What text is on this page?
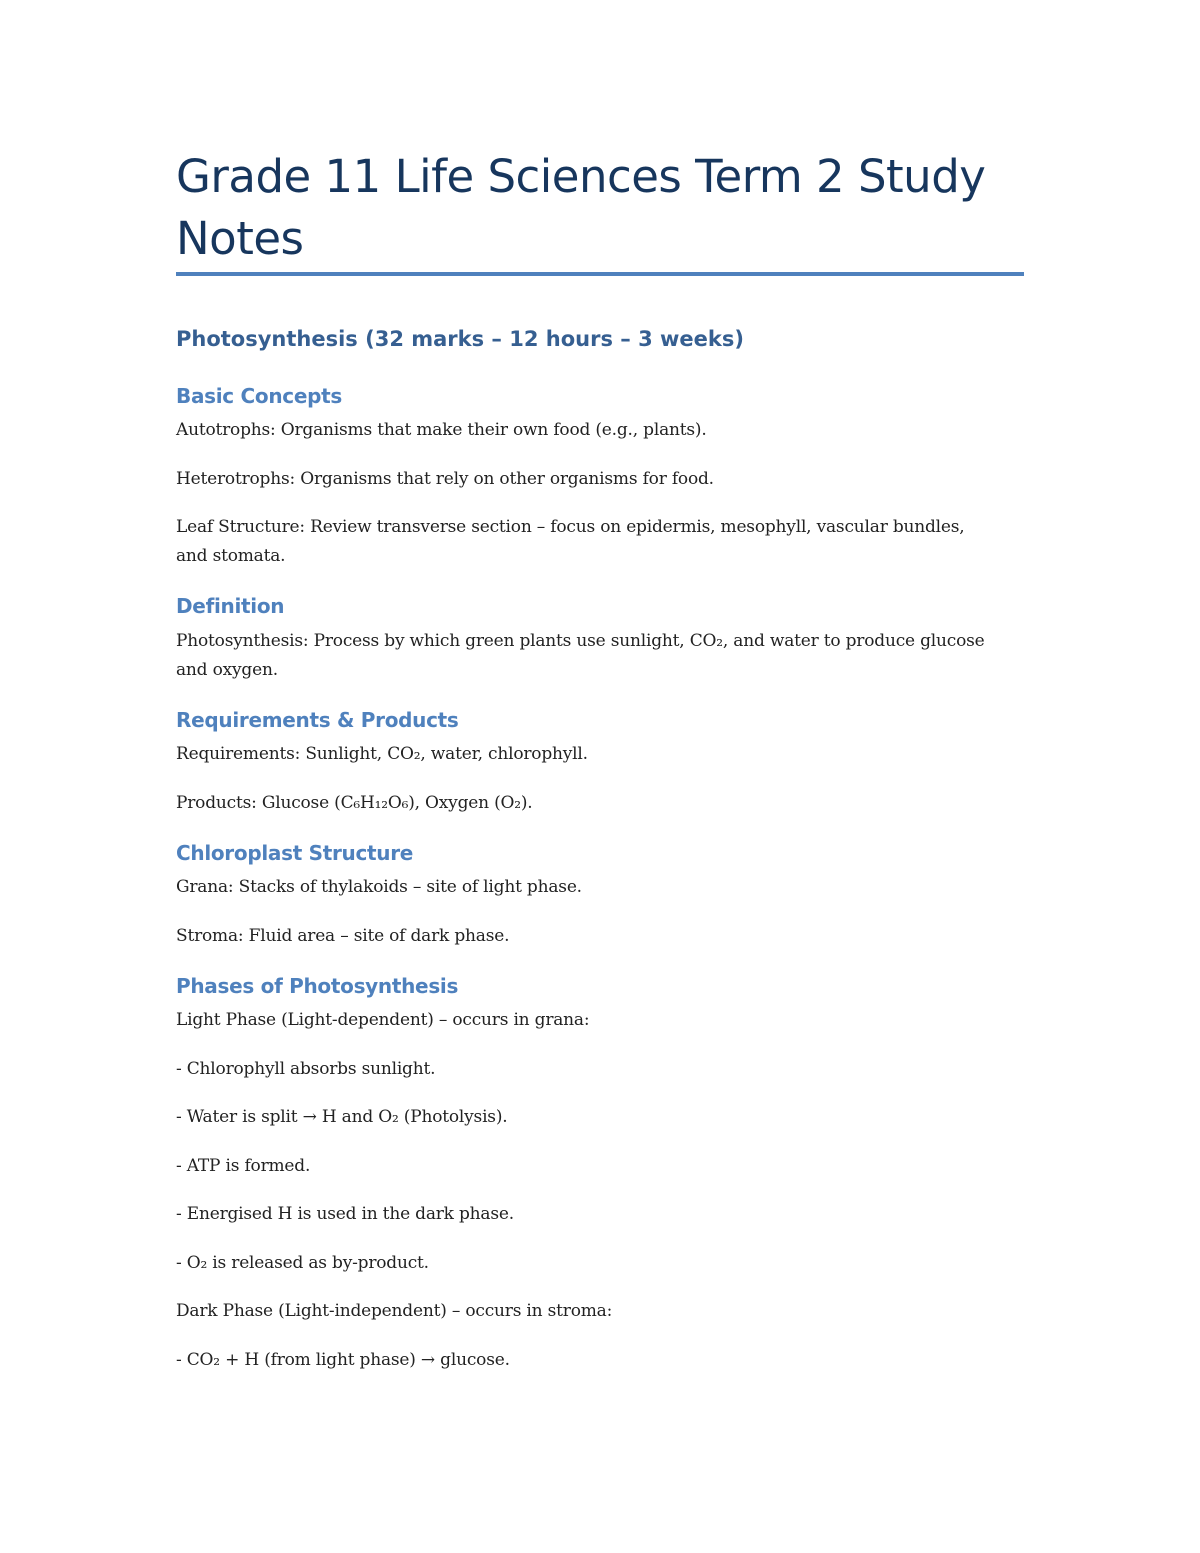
Grade 11 Life Sciences Term 2 Study Notes
Photosynthesis (32 marks – 12 hours – 3 weeks)
Basic Concepts
Autotrophs: Organisms that make their own food (e.g., plants).
Heterotrophs: Organisms that rely on other organisms for food.
Leaf Structure: Review transverse section – focus on epidermis, mesophyll, vascular bundles, and stomata.
Definition
Photosynthesis: Process by which green plants use sunlight, CO₂, and water to produce glucose and oxygen.
Requirements & Products
Requirements: Sunlight, CO₂, water, chlorophyll.
Products: Glucose (C₆H₁₂O₆), Oxygen (O₂).
Chloroplast Structure
Grana: Stacks of thylakoids – site of light phase.
Stroma: Fluid area – site of dark phase.
Phases of Photosynthesis
Light Phase (Light-dependent) – occurs in grana:
- Chlorophyll absorbs sunlight.
- Water is split → H and O₂ (Photolysis).
- ATP is formed.
- Energised H is used in the dark phase.
- O₂ is released as by-product.
Dark Phase (Light-independent) – occurs in stroma:
- CO₂ + H (from light phase) → glucose.
